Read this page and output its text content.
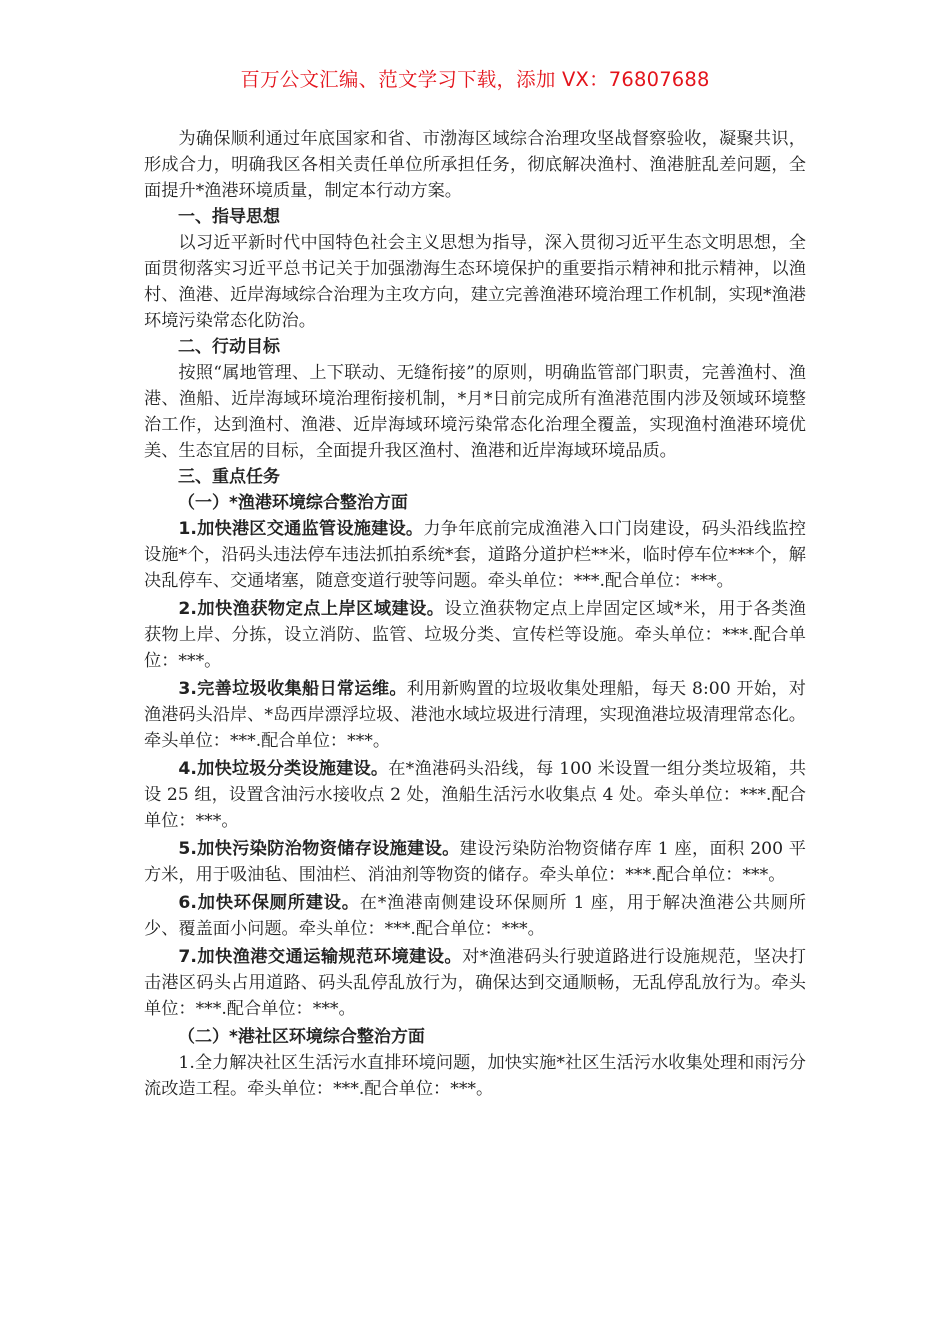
百万公文汇编、范文学习下载，添加 VX：76807688

为确保顺利通过年底国家和省、市渤海区域综合治理攻坚战督察验收，凝聚共识，形成合力，明确我区各相关责任单位所承担任务，彻底解决渔村、渔港脏乱差问题，全面提升*渔港环境质量，制定本行动方案。

一、指导思想

以习近平新时代中国特色社会主义思想为指导，深入贯彻习近平生态文明思想，全面贯彻落实习近平总书记关于加强渤海生态环境保护的重要指示精神和批示精神，以渔村、渔港、近岸海域综合治理为主攻方向，建立完善渔港环境治理工作机制，实现*渔港环境污染常态化防治。

二、行动目标

按照“属地管理、上下联动、无缝衔接”的原则，明确监管部门职责，完善渔村、渔港、渔船、近岸海域环境治理衔接机制，*月*日前完成所有渔港范围内涉及领域环境整治工作，达到渔村、渔港、近岸海域环境污染常态化治理全覆盖，实现渔村渔港环境优美、生态宜居的目标，全面提升我区渔村、渔港和近岸海域环境品质。

三、重点任务

（一）*渔港环境综合整治方面

1.加快港区交通监管设施建设。力争年底前完成渔港入口门岗建设，码头沿线监控设施*个，沿码头违法停车违法抓拍系统*套，道路分道护栏**米，临时停车位***个，解决乱停车、交通堵塞，随意变道行驶等问题。牵头单位：***.配合单位：***。

2.加快渔获物定点上岸区域建设。设立渔获物定点上岸固定区域*米，用于各类渔获物上岸、分拣，设立消防、监管、垃圾分类、宣传栏等设施。牵头单位：***.配合单位：***。

3.完善垃圾收集船日常运维。利用新购置的垃圾收集处理船，每天 8:00 开始，对渔港码头沿岸、*岛西岸漂浮垃圾、港池水域垃圾进行清理，实现渔港垃圾清理常态化。牵头单位：***.配合单位：***。

4.加快垃圾分类设施建设。在*渔港码头沿线，每 100 米设置一组分类垃圾箱，共设 25 组，设置含油污水接收点 2 处，渔船生活污水收集点 4 处。牵头单位：***.配合单位：***。

5.加快污染防治物资储存设施建设。建设污染防治物资储存库 1 座，面积 200 平方米，用于吸油毡、围油栏、消油剂等物资的储存。牵头单位：***.配合单位：***。

6.加快环保厕所建设。在*渔港南侧建设环保厕所 1 座，用于解决渔港公共厕所少、覆盖面小问题。牵头单位：***.配合单位：***。

7.加快渔港交通运输规范环境建设。对*渔港码头行驶道路进行设施规范，坚决打击港区码头占用道路、码头乱停乱放行为，确保达到交通顺畅，无乱停乱放行为。牵头单位：***.配合单位：***。

（二）*港社区环境综合整治方面

1.全力解决社区生活污水直排环境问题，加快实施*社区生活污水收集处理和雨污分流改造工程。牵头单位：***.配合单位：***。
